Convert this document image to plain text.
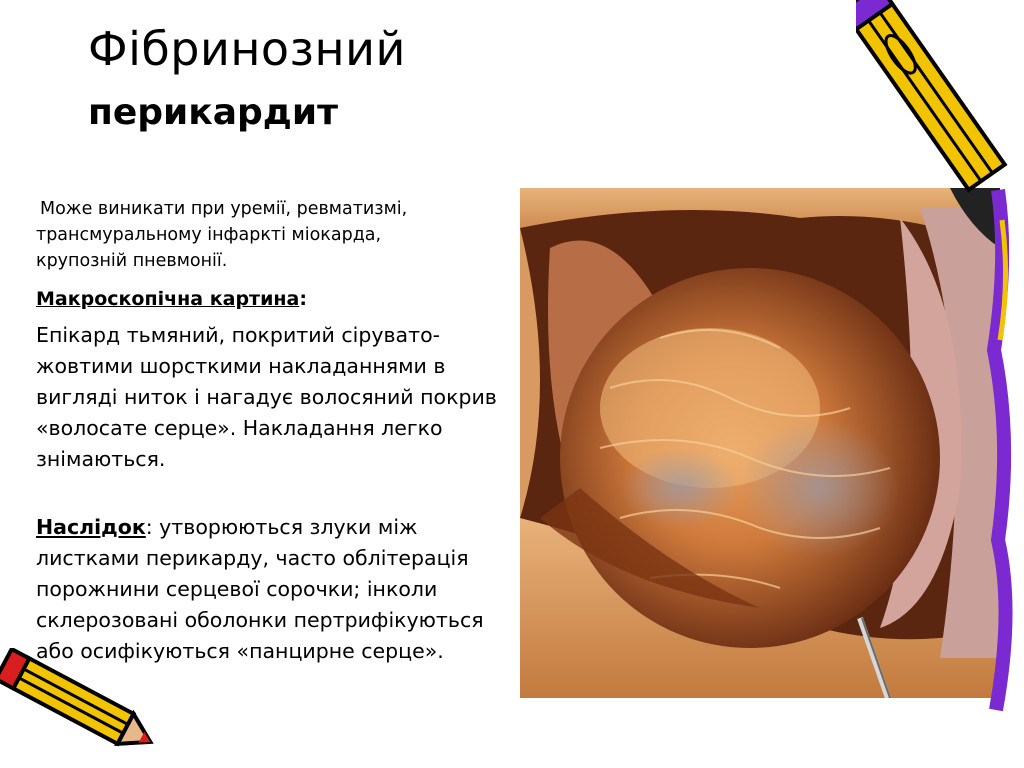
Фібринозний
перикардит
Може виникати при уремії, ревматизмі,
трансмуральному інфаркті міокарда,
крупозній пневмонії.
Макроскопічна картина:
Епікард тьмяний, покритий сірувато-жовтими шорсткими накладаннями в вигляді ниток і нагадує волосяний покрив «волосате серце». Накладання легко знімаються.
Наслідок: утворюються злуки між листками перикарду, часто облітерація порожнини серцевої сорочки; інколи склерозовані оболонки пертрифікуються або осифікуються «панцирне серце».
